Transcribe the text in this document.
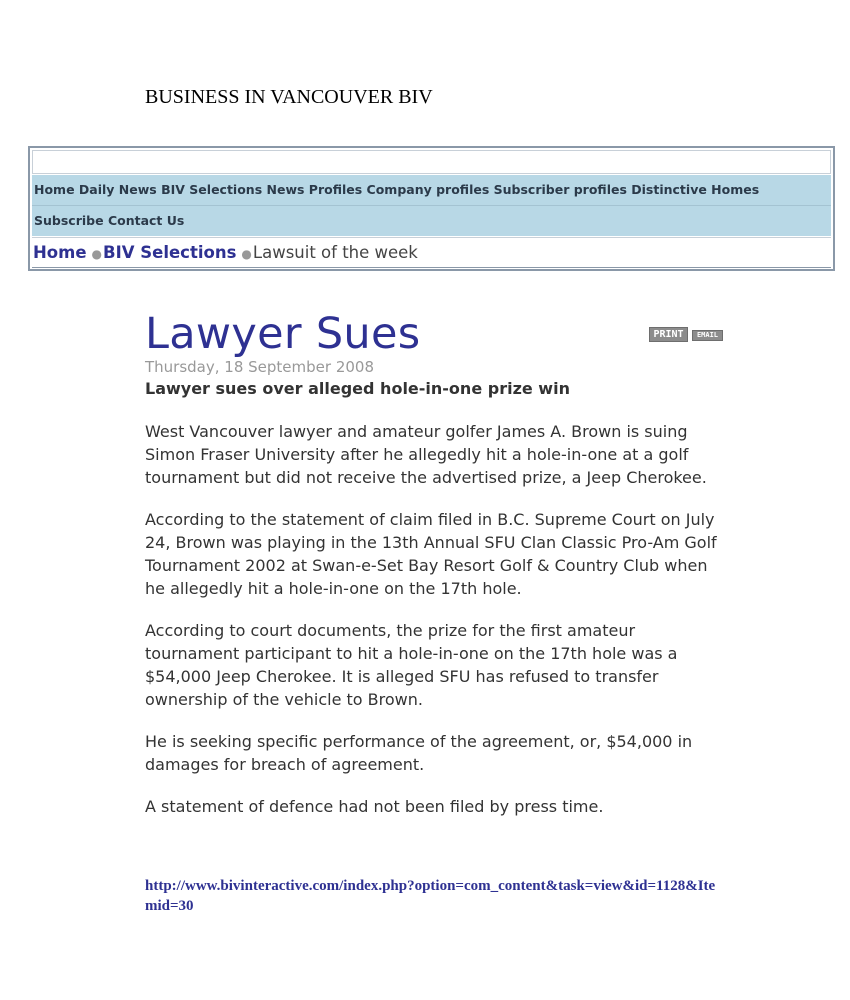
BUSINESS IN VANCOUVER BIV
Home Daily News BIV Selections News Profiles Company profiles Subscriber profiles Distinctive Homes
Subscribe Contact Us
Home ●BIV Selections ●Lawsuit of the week
Lawyer Sues	PRINT	EMAIL
Thursday, 18 September 2008
Lawyer sues over alleged hole-in-one prize win

West Vancouver lawyer and amateur golfer James A. Brown is suing Simon Fraser University after he allegedly hit a hole-in-one at a golf tournament but did not receive the advertised prize, a Jeep Cherokee.

According to the statement of claim filed in B.C. Supreme Court on July 24, Brown was playing in the 13th Annual SFU Clan Classic Pro-Am Golf Tournament 2002 at Swan-e-Set Bay Resort Golf & Country Club when he allegedly hit a hole-in-one on the 17th hole.

According to court documents, the prize for the first amateur tournament participant to hit a hole-in-one on the 17th hole was a $54,000 Jeep Cherokee. It is alleged SFU has refused to transfer ownership of the vehicle to Brown.

He is seeking specific performance of the agreement, or, $54,000 in damages for breach of agreement.

A statement of defence had not been filed by press time.

http://www.bivinteractive.com/index.php?option=com_content&task=view&id=1128&Itemid=30
